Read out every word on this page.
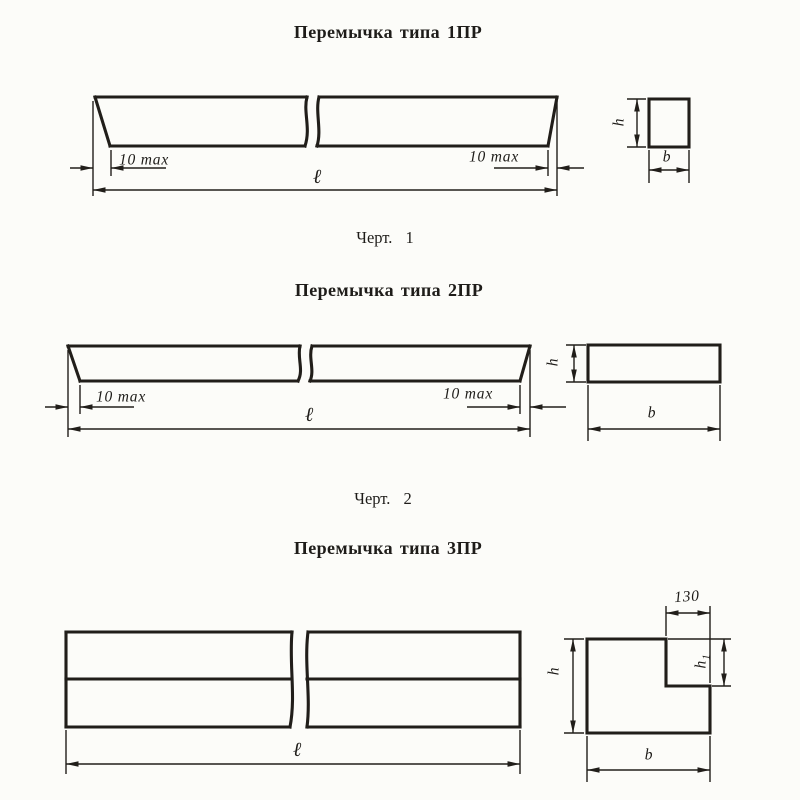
Перемычка типа 1ПР
10 max	10 max
ℓ
h
b
Черт. 1
Перемычка типа 2ПР
10 max	10 max
ℓ
h
b
Черт. 2
Перемычка типа 3ПР
ℓ
130
$h_1$
h
b
